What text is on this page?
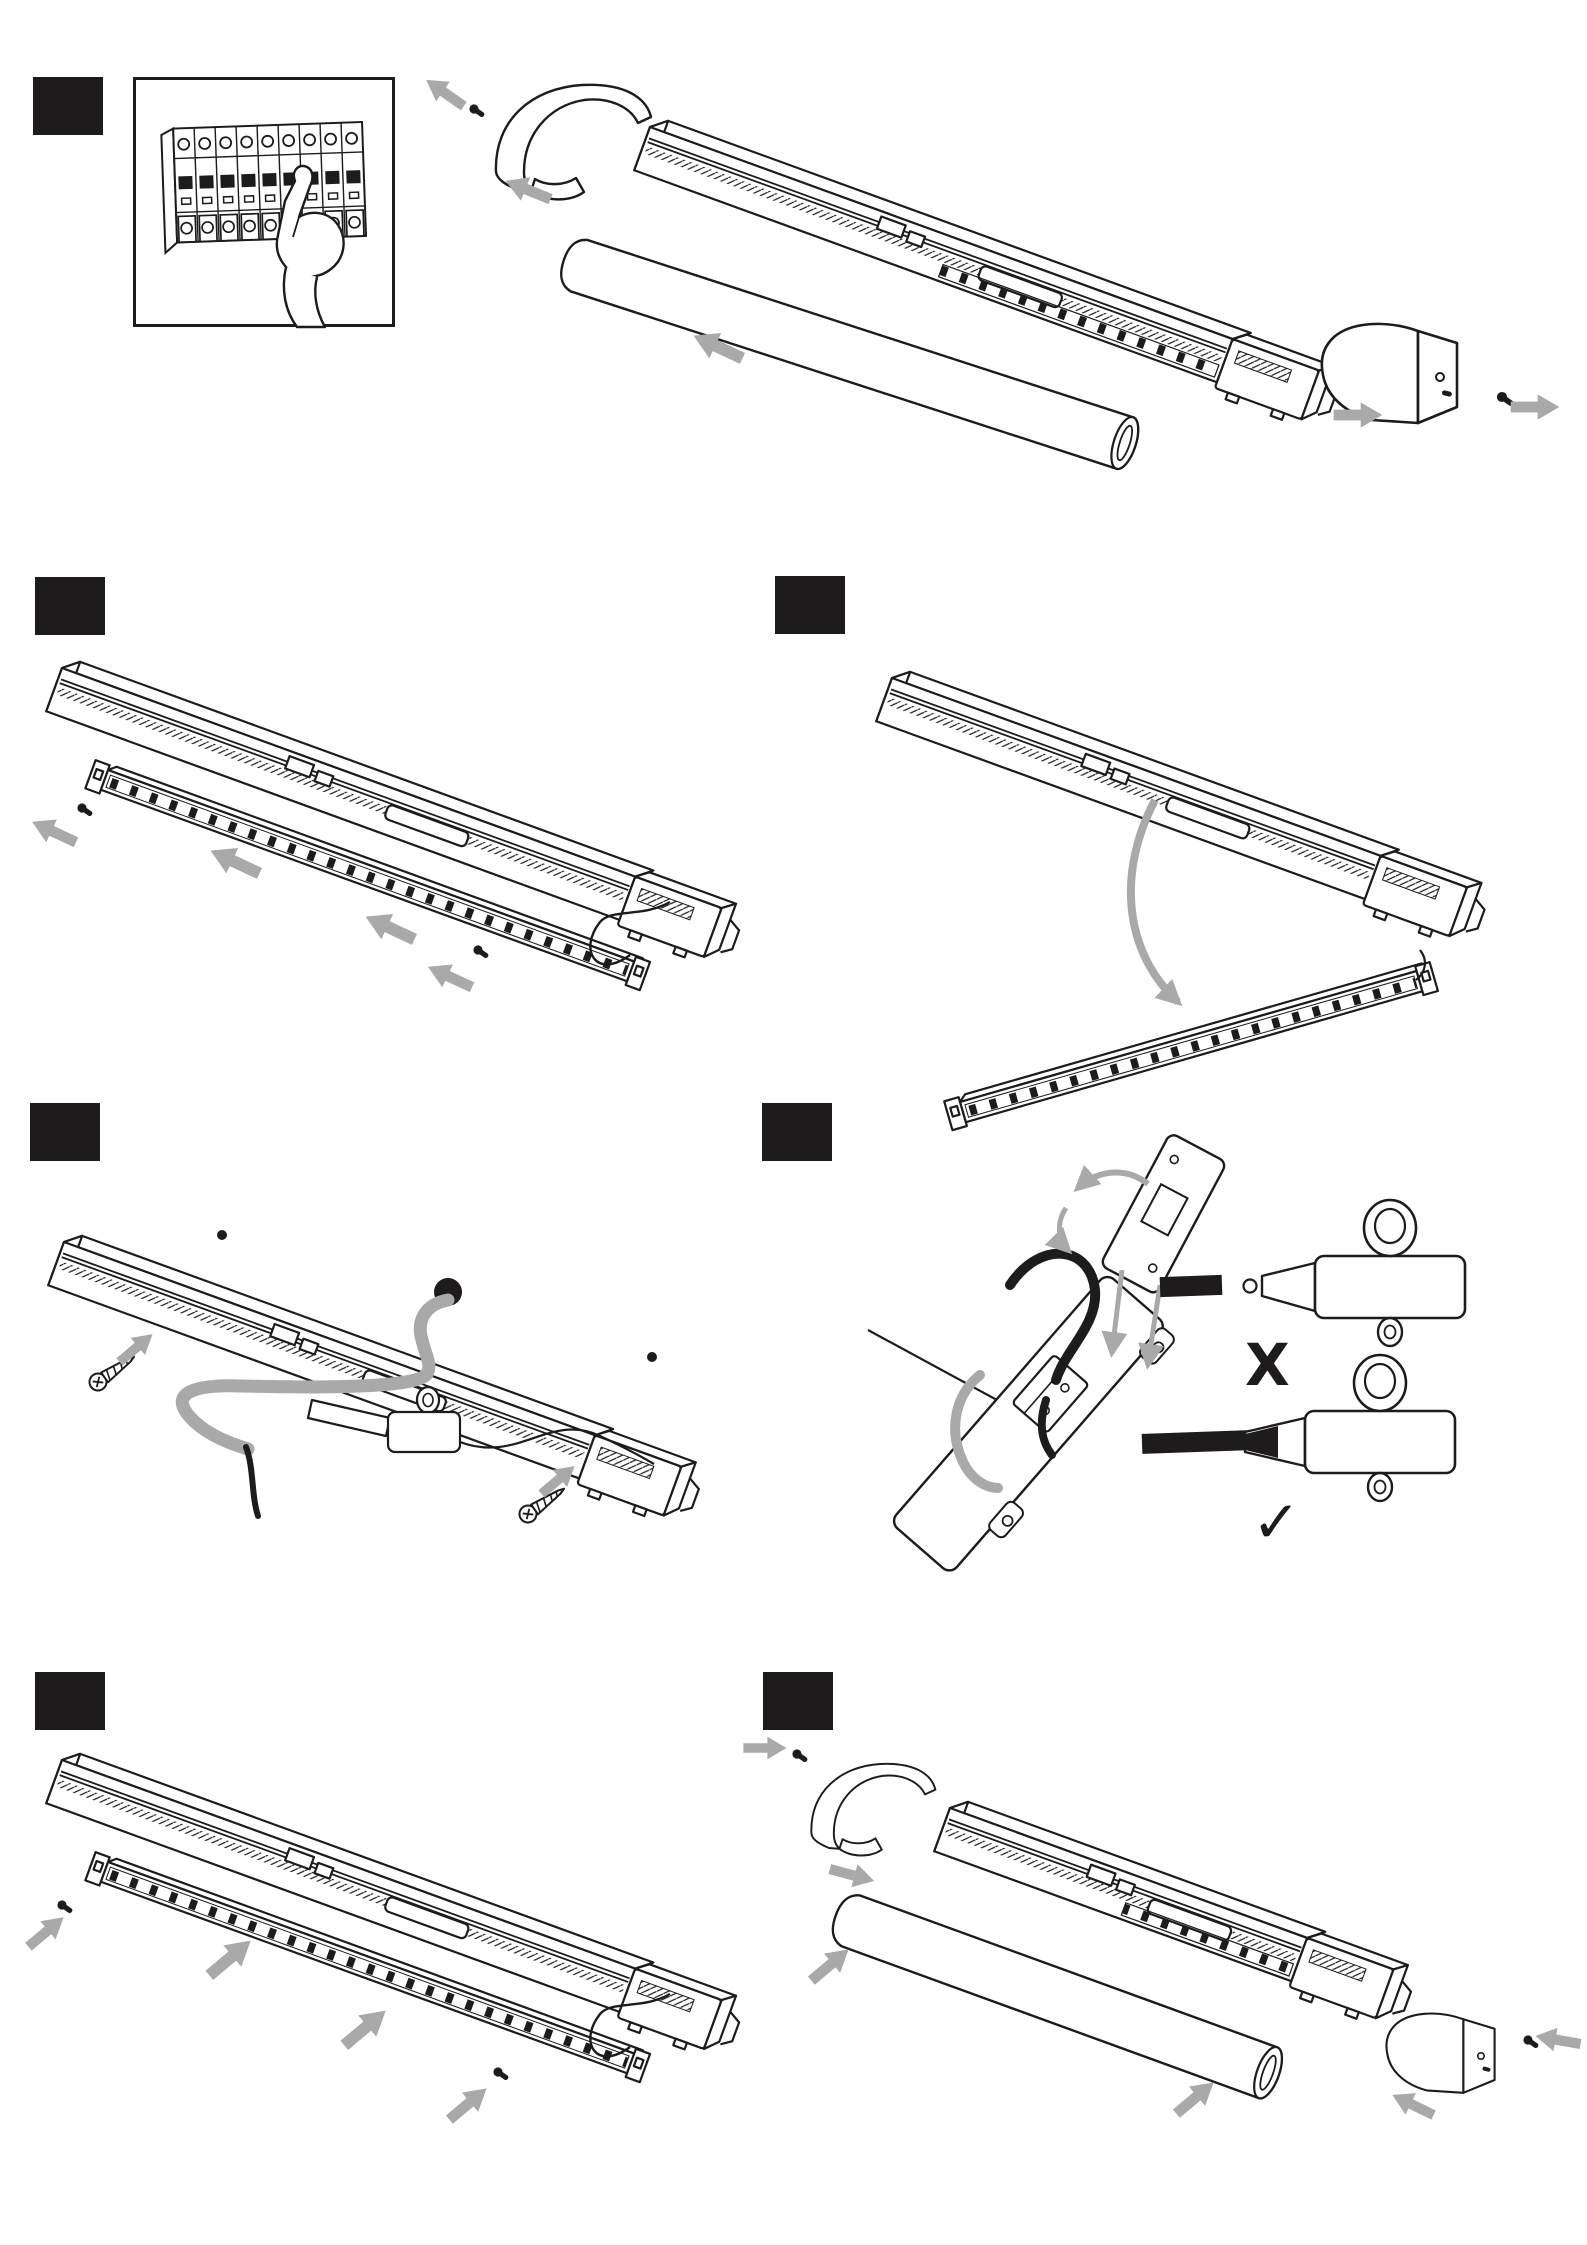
X
✓
